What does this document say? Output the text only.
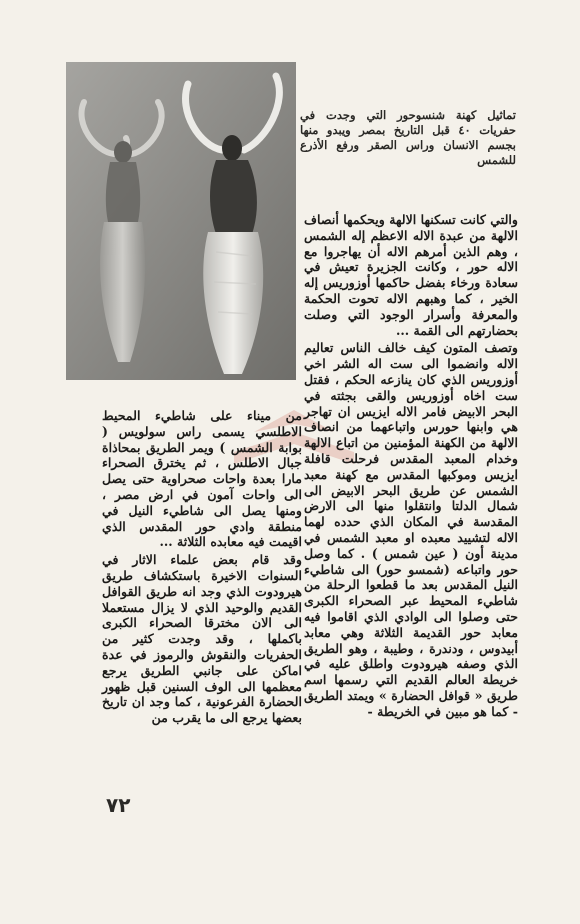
تماثيل كهنة شنسوحور التي وجدت في حفريات ٤٠ قبل التاريخ بمصر ويبدو منها بجسم الانسان وراس الصقر ورفع الأذرع للشمس

والتي كانت تسكنها الالهة ويحكمها أنصاف الالهة من عبدة الاله الاعظم إله الشمس ، وهم الذين أمرهم الاله أن يهاجروا مع الاله حور ، وكانت الجزيرة تعيش في سعادة ورخاء بفضل حاكمها أوزوريس إله الخير ، كما وهبهم الاله تحوت الحكمة والمعرفة وأسرار الوجود التي وصلت بحضارتهم الى القمة ...

وتصف المتون كيف خالف الناس تعاليم الاله وانضموا الى ست اله الشر اخي أوزوريس الذي كان ينازعه الحكم ، فقتل ست اخاه أوزوريس والقى بجثته في البحر الابيض فامر الاله ايزيس ان تهاجر هي وابنها حورس واتباعهما من انصاف الالهة من الكهنة المؤمنين من اتباع الالهة وخدام المعبد المقدس فرحلت قافلة ايزيس وموكبها المقدس مع كهنة معبد الشمس عن طريق البحر الابيض الى شمال الدلتا وانتقلوا منها الى الارض المقدسة في المكان الذي حدده لهما الاله لتشييد معبده او معبد الشمس في مدينة أون ( عين شمس ) . كما وصل حور واتباعه (شمسو حور) الى شاطيء النيل المقدس بعد ما قطعوا الرحلة من شاطيء المحيط عبر الصحراء الكبرى حتى وصلوا الى الوادي الذي اقاموا فيه معابد حور القديمة الثلاثة وهي معابد أبيدوس ، ودندرة ، وطيبة ، وهو الطريق الذي وصفه هيرودوت واطلق عليه في خريطة العالم القديم التي رسمها اسم طريق « قوافل الحضارة » ويمتد الطريق - كما هو مبين في الخريطة -

من ميناء على شاطيء المحيط الاطلسي يسمى راس سولويس ( بوابة الشمس ) ويمر الطريق بمحاذاة جبال الاطلس ، ثم يخترق الصحراء مارا بعدة واحات صحراوية حتى يصل الى واحات آمون في ارض مصر ، ومنها يصل الى شاطيء النيل في منطقة وادي حور المقدس الذي اقيمت فيه معابده الثلاثة ...

وقد قام بعض علماء الاثار في السنوات الاخيرة باستكشاف طريق هيرودوت الذي وجد انه طريق القوافل القديم والوحيد الذي لا يزال مستعملا الى الان مخترقا الصحراء الكبرى باكملها ، وقد وجدت كثير من الحفريات والنقوش والرموز في عدة اماكن على جانبي الطريق يرجع معظمها الى الوف السنين قبل ظهور الحضارة الفرعونية ، كما وجد ان تاريخ بعضها يرجع الى ما يقرب من

٧٢
